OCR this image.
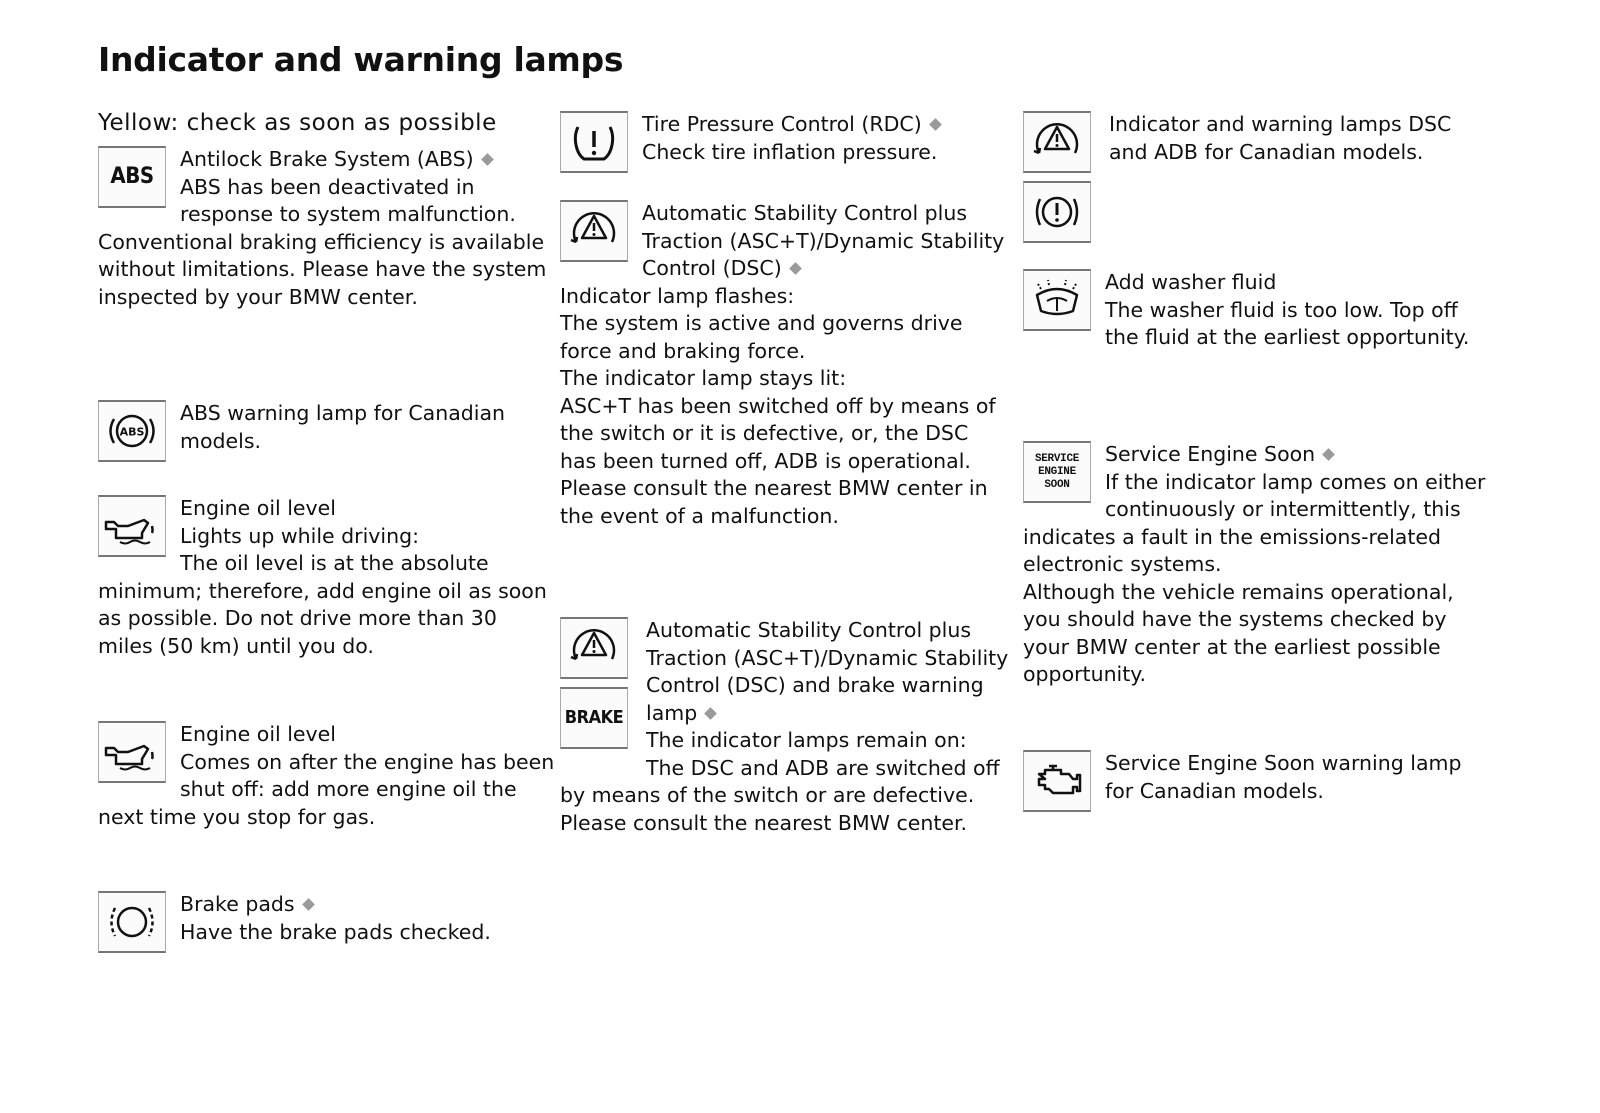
Indicator and warning lamps
Yellow: check as soon as possible
ABS
Antilock Brake System (ABS)
ABS has been deactivated in response to system malfunction. Conventional braking efficiency is available without limitations. Please have the system inspected by your BMW center.
ABS
ABS warning lamp for Canadian models.
Engine oil level
Lights up while driving:
The oil level is at the absolute minimum; therefore, add engine oil as soon as possible. Do not drive more than 30 miles (50 km) until you do.
Engine oil level
Comes on after the engine has been shut off: add more engine oil the next time you stop for gas.
Brake pads
Have the brake pads checked.
Tire Pressure Control (RDC)
Check tire inflation pressure.
Automatic Stability Control plus Traction (ASC+T)/Dynamic Stability Control (DSC)
Indicator lamp flashes:
The system is active and governs drive force and braking force.
The indicator lamp stays lit:
ASC+T has been switched off by means of the switch or it is defective, or, the DSC has been turned off, ADB is operational.
Please consult the nearest BMW center in the event of a malfunction.
BRAKE
Automatic Stability Control plus Traction (ASC+T)/Dynamic Stability Control (DSC) and brake warning lamp
The indicator lamps remain on:
The DSC and ADB are switched off by means of the switch or are defective.
Please consult the nearest BMW center.
Indicator and warning lamps DSC and ADB for Canadian models.
Add washer fluid
The washer fluid is too low. Top off the fluid at the earliest opportunity.
SERVICE
ENGINE
SOON
Service Engine Soon
If the indicator lamp comes on either continuously or intermittently, this indicates a fault in the emissions-related electronic systems.
Although the vehicle remains operational, you should have the systems checked by your BMW center at the earliest possible opportunity.
Service Engine Soon warning lamp for Canadian models.
